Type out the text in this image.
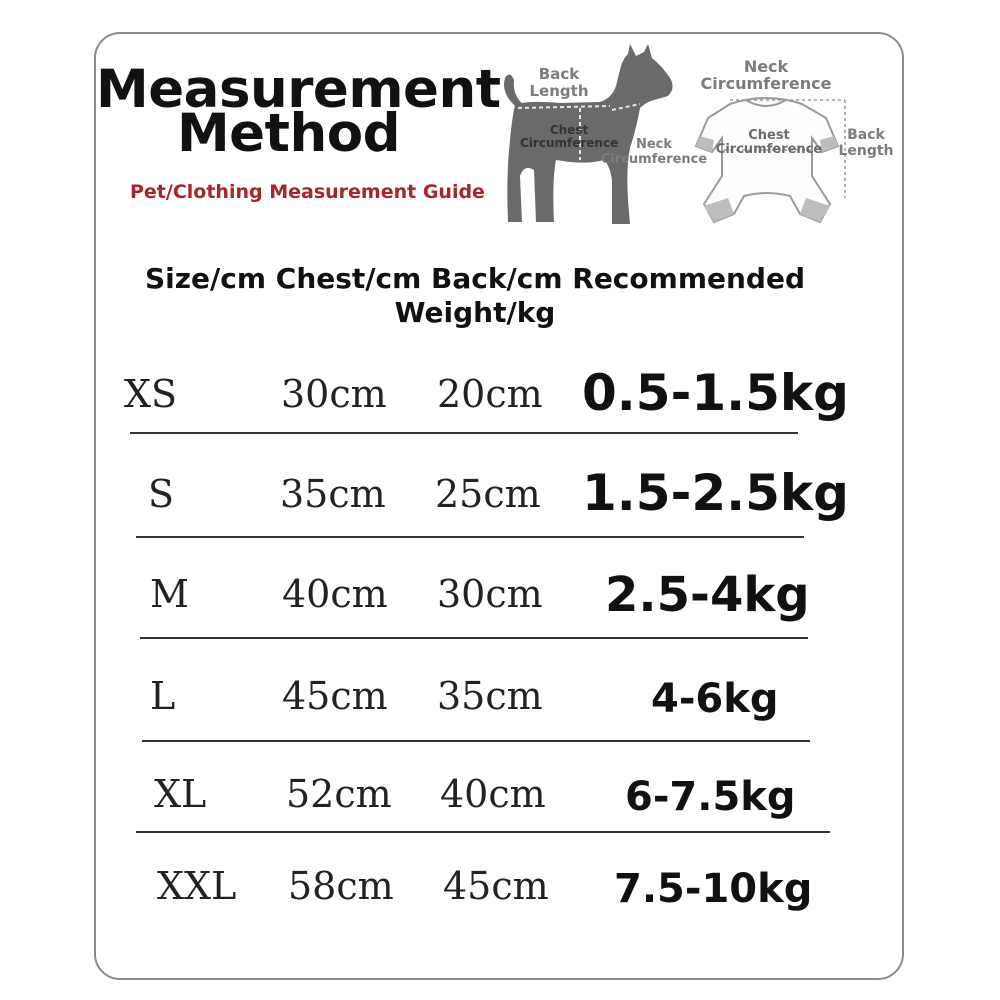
Measurement
Method
Pet/Clothing Measurement Guide
Back Length
Chest Circumference	Neck Circumference
Neck Circumference
Chest Circumference
Back Length
Size/cm Chest/cm Back/cm Recommended Weight/kg
XS	30cm 20cm 0.5-1.5kg
S	35cm 25cm 1.5-2.5kg
M 40cm 30cm 2.5-4kg
L	45cm 35cm	4-6kg
XL 52cm 40cm 6-7.5kg
XXL 58cm 45cm 7.5-10kg
